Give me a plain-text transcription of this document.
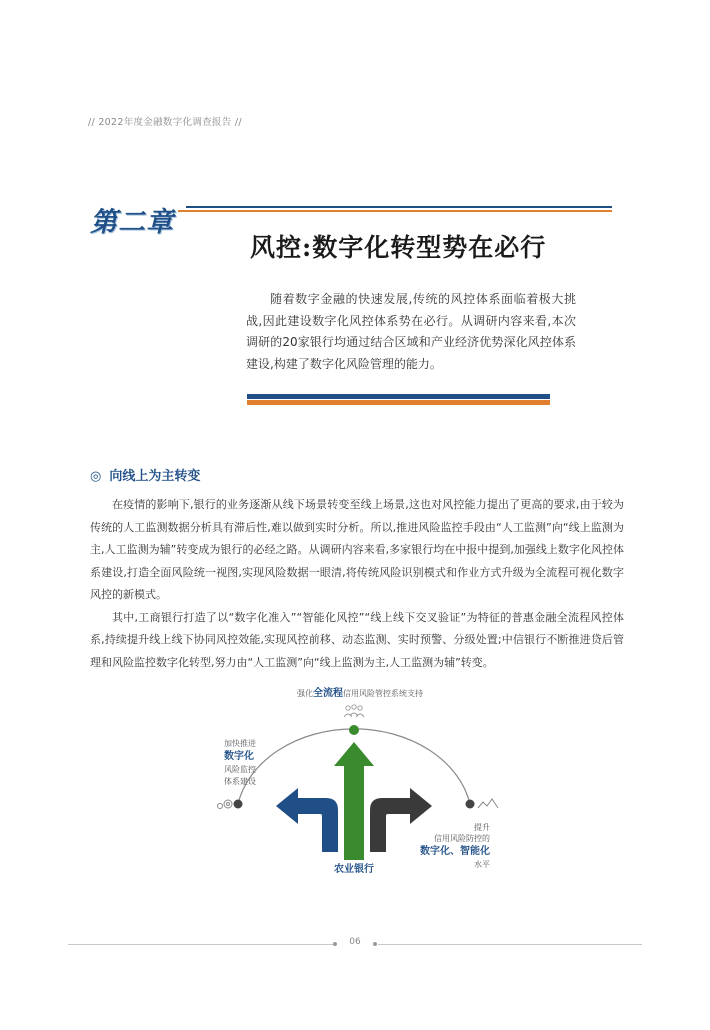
// 2022年度金融数字化调查报告 //
第二章
风控:数字化转型势在必行

随着数字金融的快速发展,传统的风控体系面临着极大挑战,因此建设数字化风控体系势在必行。从调研内容来看,本次调研的20家银行均通过结合区域和产业经济优势深化风控体系建设,构建了数字化风险管理的能力。

◎ 向线上为主转变

在疫情的影响下,银行的业务逐渐从线下场景转变至线上场景,这也对风控能力提出了更高的要求,由于较为传统的人工监测数据分析具有滞后性,难以做到实时分析。所以,推进风险监控手段由“人工监测”向“线上监测为主,人工监测为辅”转变成为银行的必经之路。从调研内容来看,多家银行均在中报中提到,加强线上数字化风控体系建设,打造全面风险统一视图,实现风险数据一眼清,将传统风险识别模式和作业方式升级为全流程可视化数字风控的新模式。

其中,工商银行打造了以“数字化准入”“智能化风控”“线上线下交叉验证”为特征的普惠金融全流程风控体系,持续提升线上线下协同风控效能,实现风控前移、动态监测、实时预警、分级处置;中信银行不断推进贷后管理和风险监控数字化转型,努力由“人工监测”向“线上监测为主,人工监测为辅”转变。

强化全流程信用风险管控系统支持
加快推进
数字化
风险监控
体系建设
提升
信用风险防控的
数字化、智能化
水平
农业银行
06
